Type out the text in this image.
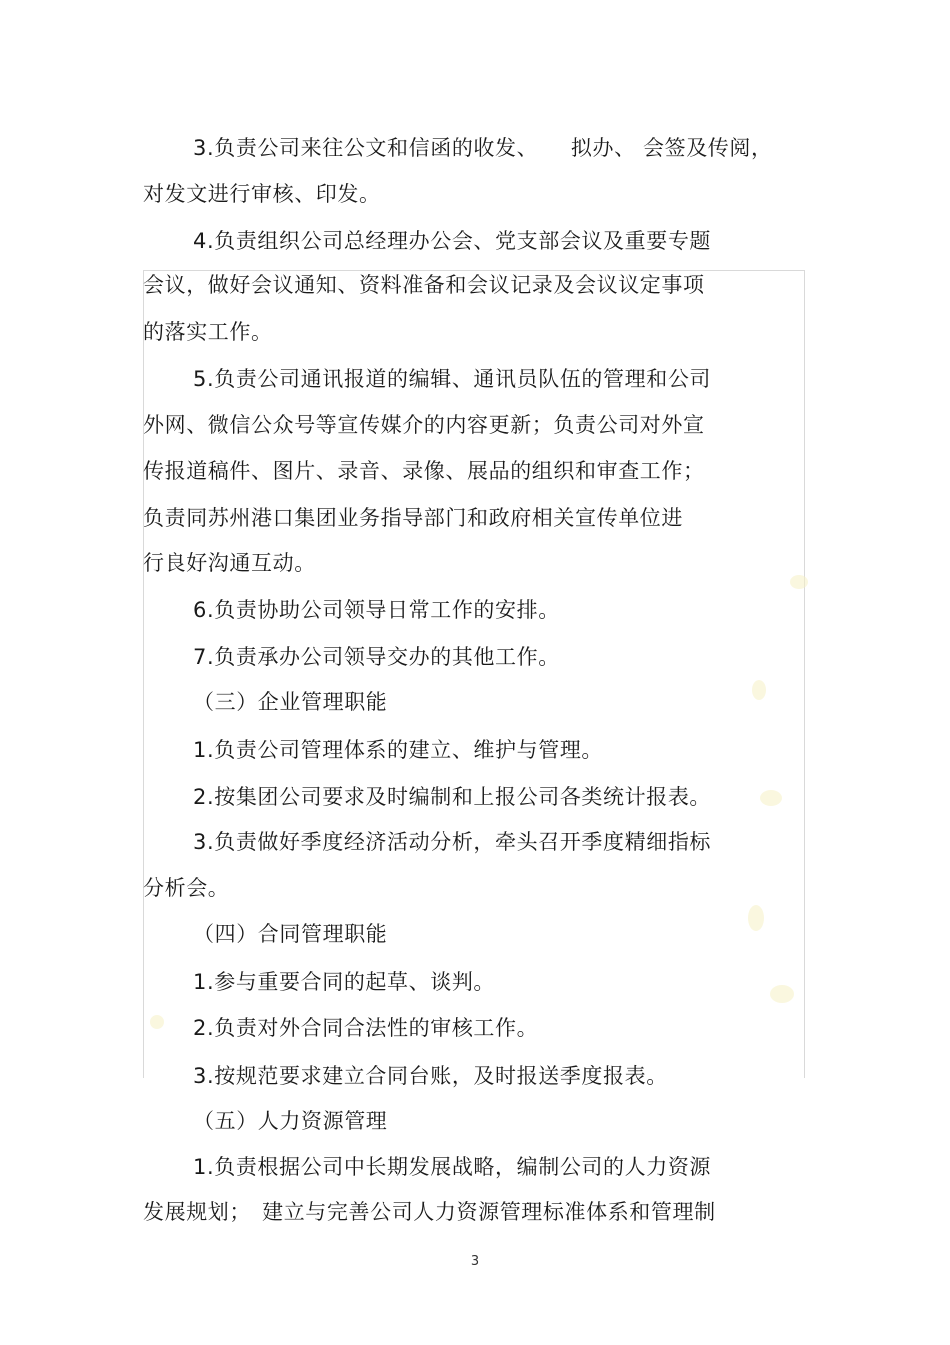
3.负责公司来往公文和信函的收发、　　拟办、 会签及传阅，
对发文进行审核、印发。
4.负责组织公司总经理办公会、党支部会议及重要专题
会议，做好会议通知、资料准备和会议记录及会议议定事项
的落实工作。
5.负责公司通讯报道的编辑、通讯员队伍的管理和公司
外网、微信公众号等宣传媒介的内容更新；负责公司对外宣
传报道稿件、图片、录音、录像、展品的组织和审查工作；
负责同苏州港口集团业务指导部门和政府相关宣传单位进
行良好沟通互动。
6.负责协助公司领导日常工作的安排。
7.负责承办公司领导交办的其他工作。
（三）企业管理职能
1.负责公司管理体系的建立、维护与管理。
2.按集团公司要求及时编制和上报公司各类统计报表。
3.负责做好季度经济活动分析，牵头召开季度精细指标
分析会。
（四）合同管理职能
1.参与重要合同的起草、谈判。
2.负责对外合同合法性的审核工作。
3.按规范要求建立合同台账，及时报送季度报表。
（五）人力资源管理
1.负责根据公司中长期发展战略，编制公司的人力资源
发展规划；　建立与完善公司人力资源管理标准体系和管理制
3
